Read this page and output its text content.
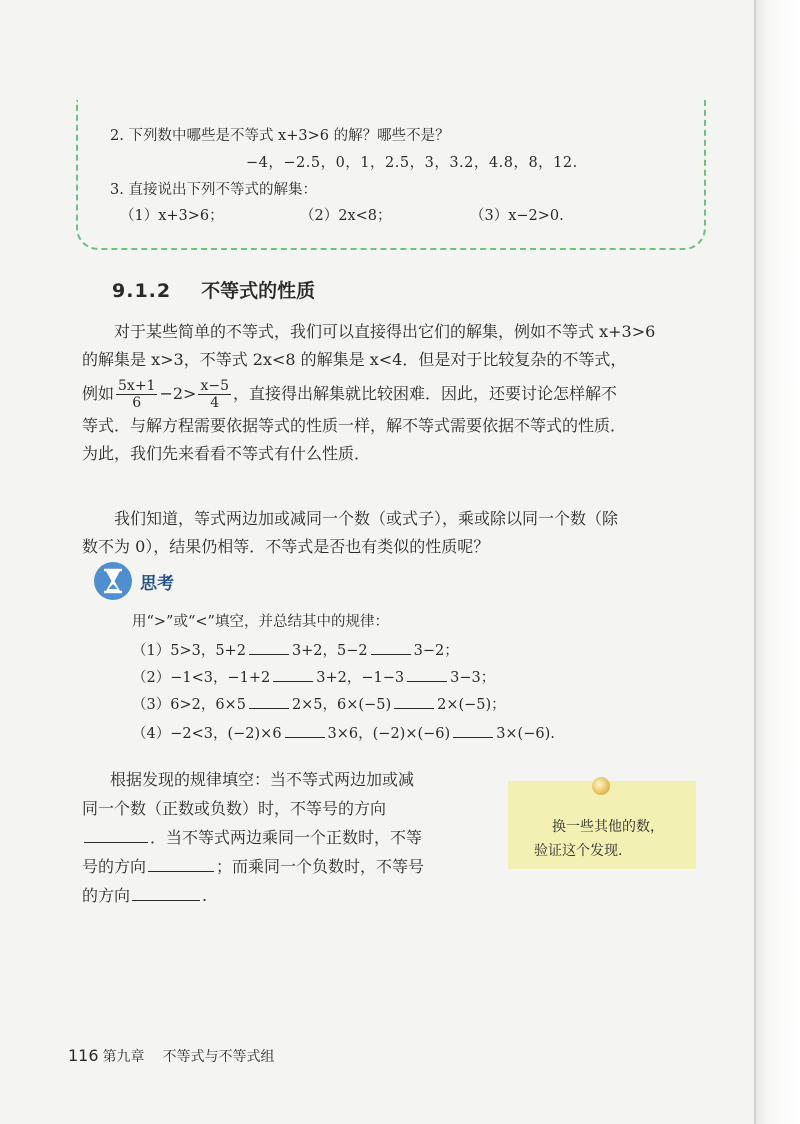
2. 下列数中哪些是不等式 x+3>6 的解？哪些不是？
−4，−2.5，0，1，2.5，3，3.2，4.8，8，12.
3. 直接说出下列不等式的解集：
（1）x+3>6；	（2）2x<8；	（3）x−2>0.
9.1.2 不等式的性质
对于某些简单的不等式，我们可以直接得出它们的解集，例如不等式 x+3>6
的解集是 x>3，不等式 2x<8 的解集是 x<4．但是对于比较复杂的不等式，
例如 $\frac{5x+1}{6} -2> \frac{x-5}{4}$ ，直接得出解集就比较困难．因此，还要讨论怎样解不
等式．与解方程需要依据等式的性质一样，解不等式需要依据不等式的性质．
为此，我们先来看看不等式有什么性质．
我们知道，等式两边加或减同一个数（或式子），乘或除以同一个数（除
数不为 0），结果仍相等．不等式是否也有类似的性质呢？
思考
用“>”或“<”填空，并总结其中的规律：
（1）5>3，5+2	3+2，5−2	3−2；
（2）−1<3，−1+2	3+2，−1−3	3−3；
（3）6>2，6×5	2×5，6×(−5)	2×(−5)；
（4）−2<3，(−2)×6	3×6，(−2)×(−6)	3×(−6).
根据发现的规律填空：当不等式两边加或减
同一个数（正数或负数）时，不等号的方向
．当不等式两边乘同一个正数时，不等
号的方向	；而乘同一个负数时，不等号
的方向	.
换一些其他的数，
验证这个发现.
116 第九章 不等式与不等式组
